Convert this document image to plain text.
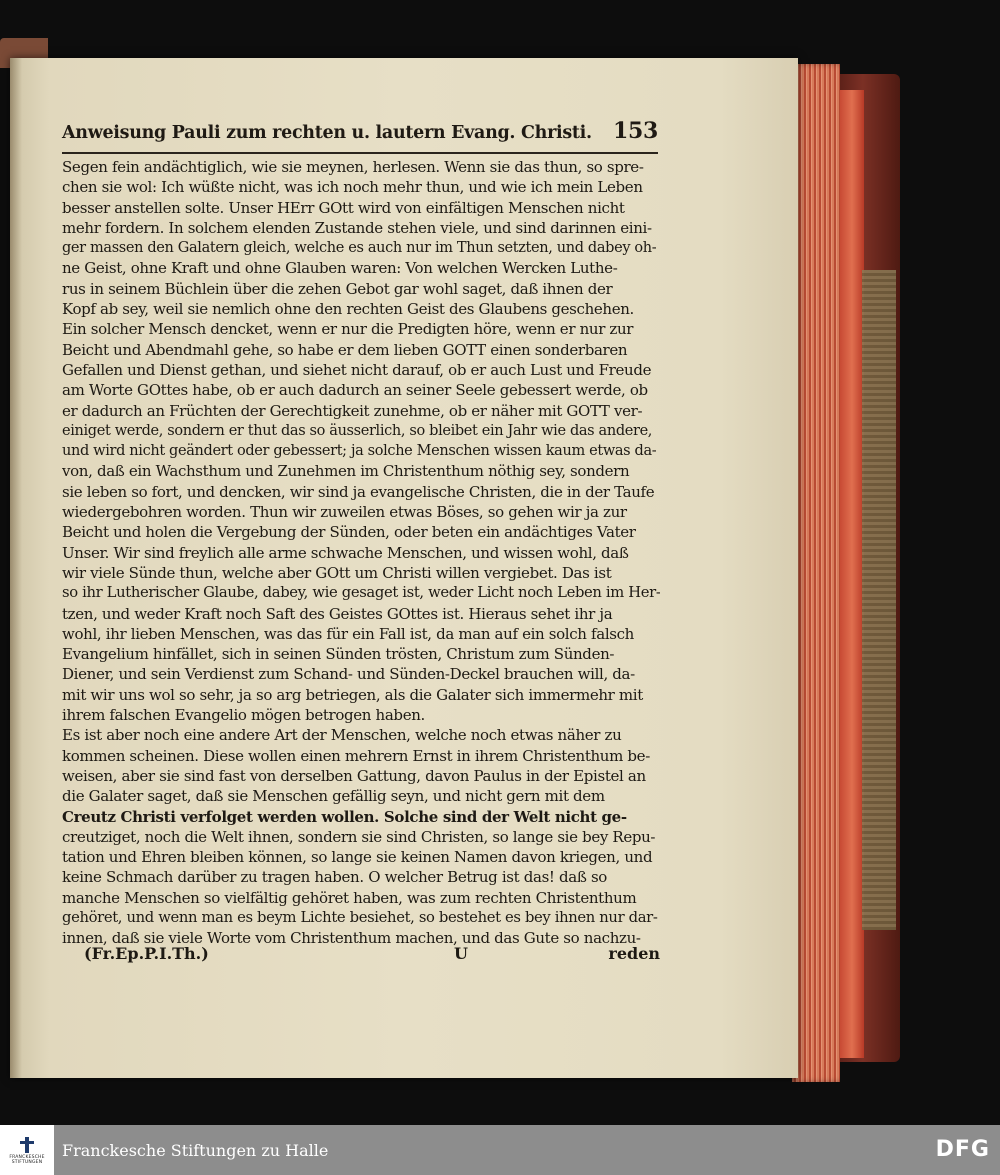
Anweisung Pauli zum rechten u. lautern Evang. Christi. 153
Segen fein andächtiglich, wie sie meynen, herlesen. Wenn sie das thun, so spre-
chen sie wol: Ich wüßte nicht, was ich noch mehr thun, und wie ich mein Leben
besser anstellen solte. Unser HErr GOtt wird von einfältigen Menschen nicht
mehr fordern. In solchem elenden Zustande stehen viele, und sind darinnen eini-
ger massen den Galatern gleich, welche es auch nur im Thun setzten, und dabey oh-
ne Geist, ohne Kraft und ohne Glauben waren: Von welchen Wercken Luthe-
rus in seinem Büchlein über die zehen Gebot gar wohl saget, daß ihnen der
Kopf ab sey, weil sie nemlich ohne den rechten Geist des Glaubens geschehen.
Ein solcher Mensch dencket, wenn er nur die Predigten höre, wenn er nur zur
Beicht und Abendmahl gehe, so habe er dem lieben GOTT einen sonderbaren
Gefallen und Dienst gethan, und siehet nicht darauf, ob er auch Lust und Freude
am Worte GOttes habe, ob er auch dadurch an seiner Seele gebessert werde, ob
er dadurch an Früchten der Gerechtigkeit zunehme, ob er näher mit GOTT ver-
einiget werde, sondern er thut das so äusserlich, so bleibet ein Jahr wie das andere,
und wird nicht geändert oder gebessert; ja solche Menschen wissen kaum etwas da-
von, daß ein Wachsthum und Zunehmen im Christenthum nöthig sey, sondern
sie leben so fort, und dencken, wir sind ja evangelische Christen, die in der Taufe
wiedergebohren worden. Thun wir zuweilen etwas Böses, so gehen wir ja zur
Beicht und holen die Vergebung der Sünden, oder beten ein andächtiges Vater
Unser. Wir sind freylich alle arme schwache Menschen, und wissen wohl, daß
wir viele Sünde thun, welche aber GOtt um Christi willen vergiebet. Das ist
so ihr Lutherischer Glaube, dabey, wie gesaget ist, weder Licht noch Leben im Her-
tzen, und weder Kraft noch Saft des Geistes GOttes ist. Hieraus sehet ihr ja
wohl, ihr lieben Menschen, was das für ein Fall ist, da man auf ein solch falsch
Evangelium hinfället, sich in seinen Sünden trösten, Christum zum Sünden-
Diener, und sein Verdienst zum Schand- und Sünden-Deckel brauchen will, da-
mit wir uns wol so sehr, ja so arg betriegen, als die Galater sich immermehr mit
ihrem falschen Evangelio mögen betrogen haben.
Es ist aber noch eine andere Art der Menschen, welche noch etwas näher zu
kommen scheinen. Diese wollen einen mehrern Ernst in ihrem Christenthum be-
weisen, aber sie sind fast von derselben Gattung, davon Paulus in der Epistel an
die Galater saget, daß sie Menschen gefällig seyn, und nicht gern mit dem
Creutz Christi verfolget werden wollen. Solche sind der Welt nicht ge-
creutziget, noch die Welt ihnen, sondern sie sind Christen, so lange sie bey Repu-
tation und Ehren bleiben können, so lange sie keinen Namen davon kriegen, und
keine Schmach darüber zu tragen haben. O welcher Betrug ist das! daß so
manche Menschen so vielfältig gehöret haben, was zum rechten Christenthum
gehöret, und wenn man es beym Lichte besiehet, so bestehet es bey ihnen nur dar-
innen, daß sie viele Worte vom Christenthum machen, und das Gute so nachzu-
(Fr.Ep.P.I.Th.)	U	reden
FRANCKESCHE STIFTUNGEN
Franckesche Stiftungen zu Halle	DFG
